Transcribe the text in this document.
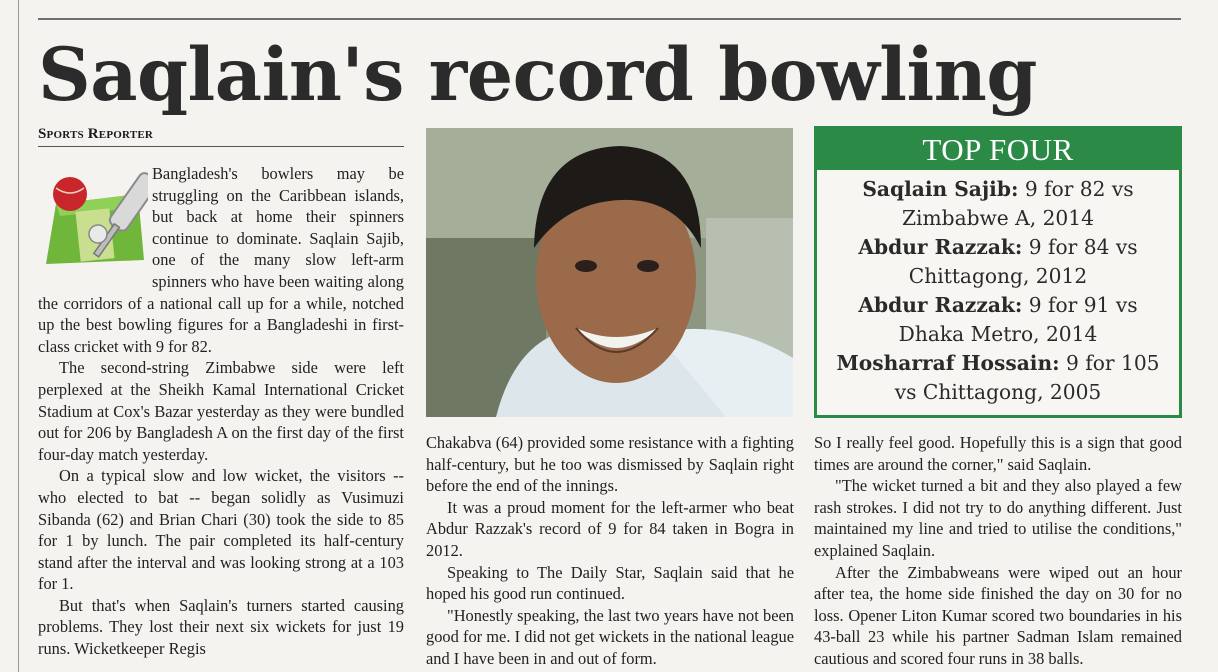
Saqlain's record bowling
Sports Reporter

Bangladesh's bowlers may be struggling on the Caribbean islands, but back at home their spinners continue to dominate. Saqlain Sajib, one of the many slow left-arm spinners who have been waiting along the corridors of a national call up for a while, notched up the best bowling figures for a Bangladeshi in first-class cricket with 9 for 82.

The second-string Zimbabwe side were left perplexed at the Sheikh Kamal International Cricket Stadium at Cox's Bazar yesterday as they were bundled out for 206 by Bangladesh A on the first day of the first four-day match yesterday.

On a typical slow and low wicket, the visitors -- who elected to bat -- began solidly as Vusimuzi Sibanda (62) and Brian Chari (30) took the side to 85 for 1 by lunch. The pair completed its half-century stand after the interval and was looking strong at a 103 for 1.

But that's when Saqlain's turners started causing problems. They lost their next six wickets for just 19 runs. Wicketkeeper Regis

TOP FOUR
Saqlain Sajib: 9 for 82 vs Zimbabwe A, 2014
Abdur Razzak: 9 for 84 vs Chittagong, 2012
Abdur Razzak: 9 for 91 vs Dhaka Metro, 2014
Mosharraf Hossain: 9 for 105 vs Chittagong, 2005

Chakabva (64) provided some resistance with a fighting half-century, but he too was dismissed by Saqlain right before the end of the innings.

It was a proud moment for the left-armer who beat Abdur Razzak's record of 9 for 84 taken in Bogra in 2012.

Speaking to The Daily Star, Saqlain said that he hoped his good run continued.

"Honestly speaking, the last two years have not been good for me. I did not get wickets in the national league and I have been in and out of form.

So I really feel good. Hopefully this is a sign that good times are around the corner," said Saqlain.

"The wicket turned a bit and they also played a few rash strokes. I did not try to do anything different. Just maintained my line and tried to utilise the conditions," explained Saqlain.

After the Zimbabweans were wiped out an hour after tea, the home side finished the day on 30 for no loss. Opener Liton Kumar scored two boundaries in his 43-ball 23 while his partner Sadman Islam remained cautious and scored four runs in 38 balls.
